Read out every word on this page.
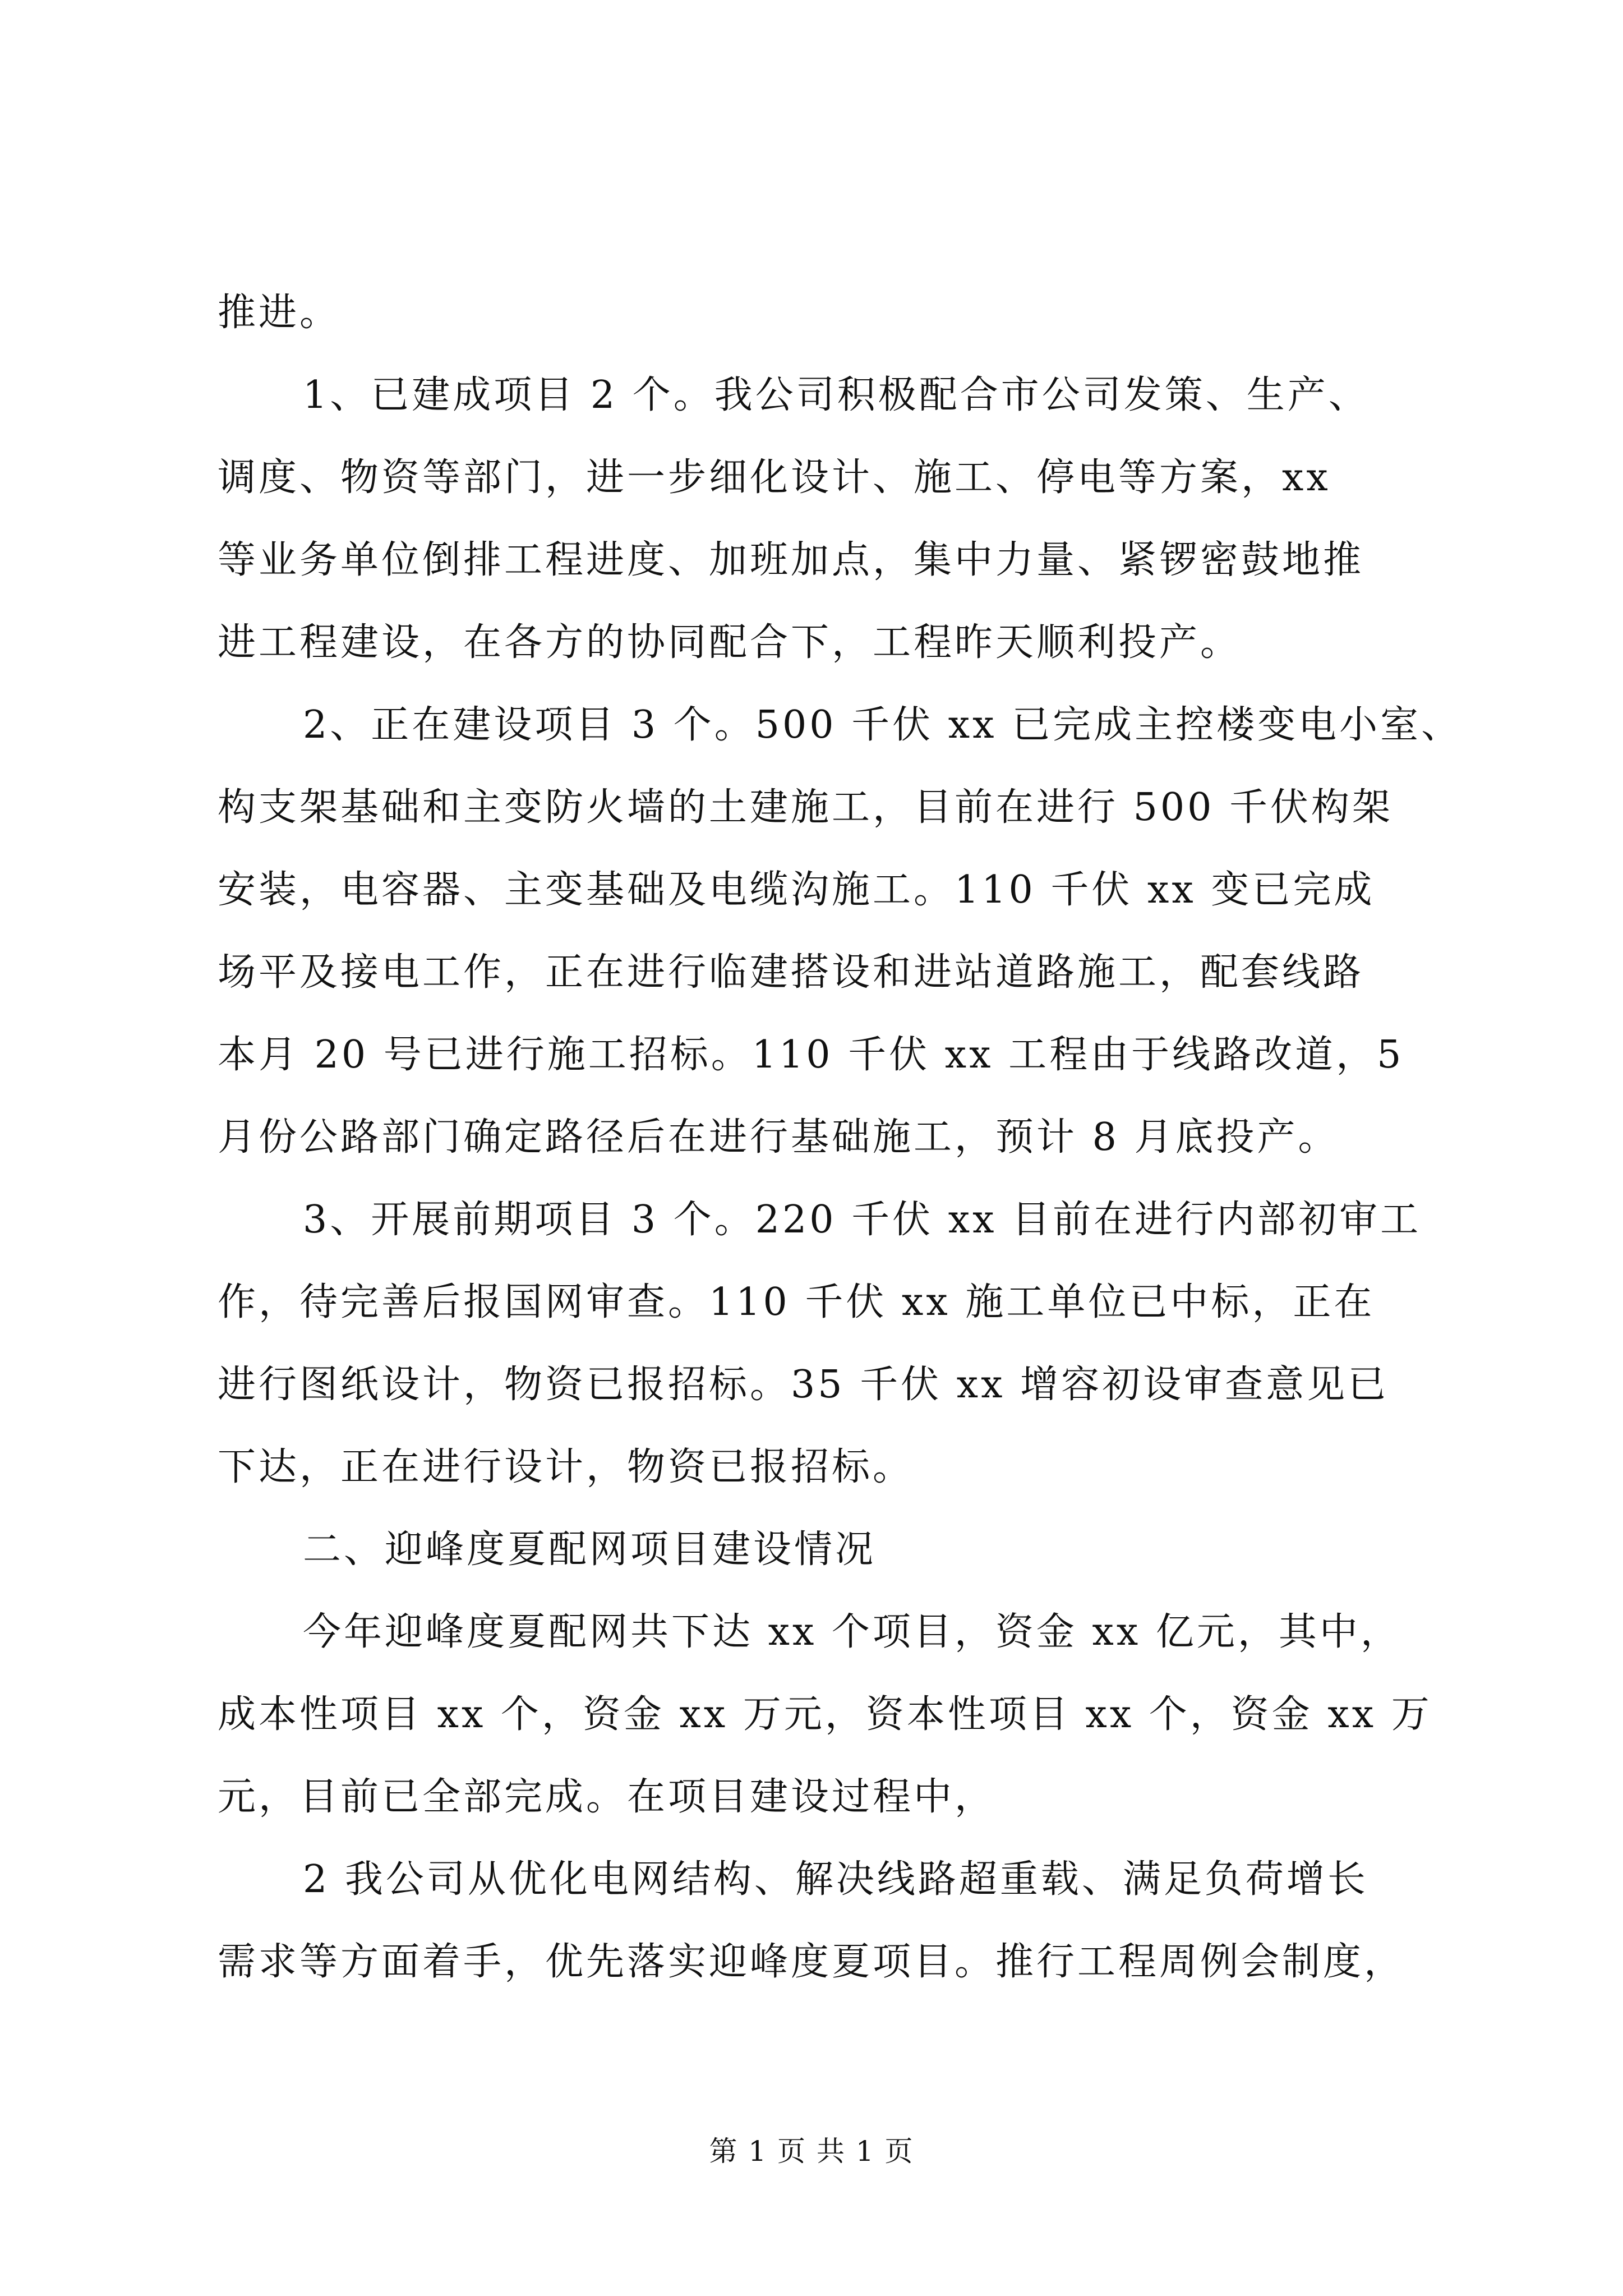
推进。
1、已建成项目 2 个。我公司积极配合市公司发策、生产、
调度、物资等部门，进一步细化设计、施工、停电等方案，xx
等业务单位倒排工程进度、加班加点，集中力量、紧锣密鼓地推
进工程建设，在各方的协同配合下，工程昨天顺利投产。
2、正在建设项目 3 个。500 千伏 xx 已完成主控楼变电小室、
构支架基础和主变防火墙的土建施工，目前在进行 500 千伏构架
安装，电容器、主变基础及电缆沟施工。110 千伏 xx 变已完成
场平及接电工作，正在进行临建搭设和进站道路施工，配套线路
本月 20 号已进行施工招标。110 千伏 xx 工程由于线路改道，5
月份公路部门确定路径后在进行基础施工，预计 8 月底投产。
3、开展前期项目 3 个。220 千伏 xx 目前在进行内部初审工
作，待完善后报国网审查。110 千伏 xx 施工单位已中标，正在
进行图纸设计，物资已报招标。35 千伏 xx 增容初设审查意见已
下达，正在进行设计，物资已报招标。
二、迎峰度夏配网项目建设情况
今年迎峰度夏配网共下达 xx 个项目，资金 xx 亿元，其中，
成本性项目 xx 个，资金 xx 万元，资本性项目 xx 个，资金 xx 万
元，目前已全部完成。在项目建设过程中，
2 我公司从优化电网结构、解决线路超重载、满足负荷增长
需求等方面着手，优先落实迎峰度夏项目。推行工程周例会制度，
第 1 页 共 1 页
